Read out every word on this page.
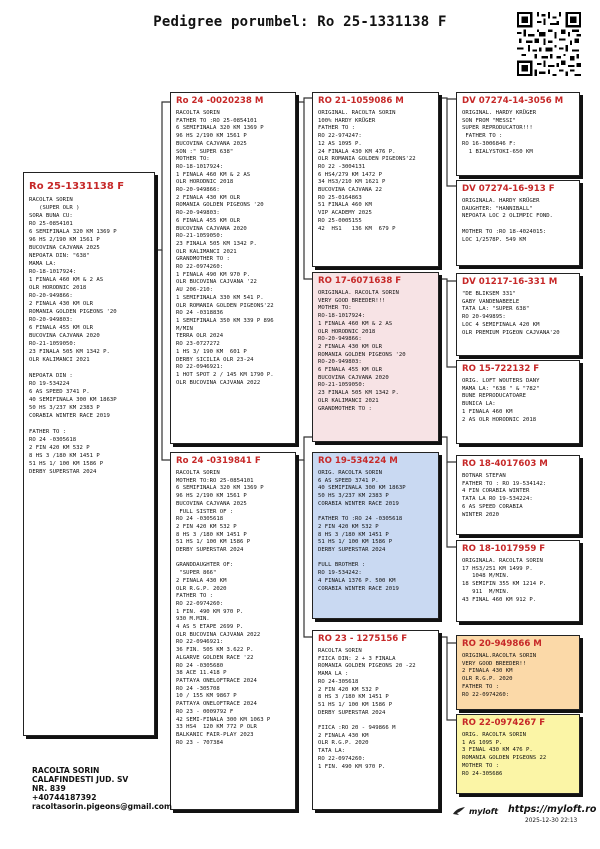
Pedigree porumbel: Ro 25-1331138 F
Ro 25-1331138 F
RACOLTA SORIN
(SUPER OLR )
SORA BUNA CU:
RO 25-0854101
6 SEMIFINALA 320 KM 1369 P
96 HS 2/190 KM 1561 P
BUCOVINA CAJVANA 2025
NEPOATA DIN: "638"
MAMA LA:
RO-18-1017924:
1 FINALA 460 KM & 2 AS
OLR HORODNIC 2018
RO-20-949866:
2 FINALA 430 KM OLR
ROMANIA GOLDEN PIGEONS '20
RO-20-949803:
6 FINALA 455 KM OLR
BUCOVINA CAJVANA 2020
RO-21-1059050:
23 FINALA 505 KM 1342 P.
OLR KALIMANCI 2021

NEPOATA DIN :
RO 19-534224
6 AS SPEED 3741 P.
40 SEMIFINALA 300 KM 1863P
50 HS 3/237 KM 2383 P
CORABIA WINTER RACE 2019

FATHER TO :
RO 24 -0305618
2 FIN 420 KM 532 P
8 HS 3 /180 KM 1451 P
51 HS 1/ 100 KM 1586 P
DERBY SUPERSTAR 2024
Ro 24 -0020238 M
RACOLTA SORIN
FATHER TO :RO 25-0854101
6 SEMIFINALA 320 KM 1369 P
96 HS 2/190 KM 1561 P
BUCOVINA CAJVANA 2025
SON :" SUPER 638"
MOTHER TO:
RO-18-1017924:
1 FINALA 460 KM & 2 AS
OLR HORODNIC 2018
RO-20-949866:
2 FINALA 430 KM OLR
ROMANIA GOLDEN PIGEONS '20
RO-20-949803:
6 FINALA 455 KM OLR
BUCOVINA CAJVANA 2020
RO-21-1059050:
23 FINALA 505 KM 1342 P.
OLR KALIMANCI 2021
GRANDMOTHER TO :
RO 22-0974260:
1 FINALA 490 KM 970 P.
OLR BUCOVINA CAJVANA '22
AU 206-210:
1 SEMIFINALA 330 KM 541 P.
OLR ROMANIA GOLDEN PIGEONS'22
RO 24 -0318836
1 SEMIFINALA 350 KM 339 P 896
M/MIN
TERRA OLR 2024
RO 23-0727272
1 HS 3/ 190 KM  601 P
DERBY SICILIA OLR 23-24
RO 22-0946921:
1 HOT SPOT 2 / 145 KM 1790 P.
OLR BUCOVINA CAJVANA 2022
Ro 24 -0319841 F
RACOLTA SORIN
MOTHER TO:RO 25-0854101
6 SEMIFINALA 320 KM 1369 P
96 HS 2/190 KM 1561 P
BUCOVINA CAJVANA 2025
FULL SISTER OF :
RO 24 -0305618
2 FIN 420 KM 532 P
8 HS 3 /180 KM 1451 P
51 HS 1/ 100 KM 1586 P
DERBY SUPERSTAR 2024

GRANDDAUGHTER OF:
"SUPER 866"
2 FINALA 430 KM
OLR R.G.P. 2020
FATHER TO :
RO 22-0974260:
1 FIN. 490 KM 970 P.
930 M.MIN.
4 AS 5 ETAPE 2699 P.
OLR BUCOVINA CAJVANA 2022
RO 22-0946921:
36 FIN. 505 KM 3.622 P.
ALGARVE GOLDEN RACE '22
RO 24 -0305680
38 ACE 11.418 P
PATTAYA ONELOFTRACE 2024
RO 24 -305708
10 / 155 KM 9867 P
PATTAYA ONELOFTRACE 2024
RO 23 - 0009792 F
42 SEMI-FINALA 300 KM 1063 P
33 HS4  120 KM 772 P OLR
BALKANIC FAIR-PLAY 2023
RO 23 - 707384
RO 21-1059086 M
ORIGINAL. RACOLTA SORIN
100% HARDY KRÜGER
FATHER TO :
RO 22-974247:
12 AS 1095 P.
24 FINALA 430 KM 476 P.
OLR ROMANIA GOLDEN PIGEONS'22
RO 22 -3004131
6 HS4/279 KM 1472 P
34 HS3/210 KM 1621 P
BUCOVINA CAJVANA 22
RO 25-0164863
51 FINALA 460 KM
VIP ACADEMY 2025
RO 25-0005155
42  HS1   136 KM  679 P
RO 17-6071638 F
ORIGINALA. RACOLTA SORIN
VERY GOOD BREEDER!!!
MOTHER TO:
RO-18-1017924:
1 FINALA 460 KM & 2 AS
OLR HORODNIC 2018
RO-20-949866:
2 FINALA 430 KM OLR
ROMANIA GOLDEN PIGEONS '20
RO-20-949803:
6 FINALA 455 KM OLR
BUCOVINA CAJVANA 2020
RO-21-1059050:
23 FINALA 505 KM 1342 P.
OLR KALIMANCI 2021
GRANDMOTHER TO :
RO 19-534224 M
ORIG. RACOLTA SORIN
6 AS SPEED 3741 P.
40 SEMIFINALA 300 KM 1863P
50 HS 3/237 KM 2383 P
CORABIA WINTER RACE 2019

FATHER TO :RO 24 -0305618
2 FIN 420 KM 532 P
8 HS 3 /180 KM 1451 P
51 HS 1/ 100 KM 1586 P
DERBY SUPERSTAR 2024

FULL BROTHER :
RO 19-534242:
4 FINALA 1376 P. 500 KM
CORABIA WINTER RACE 2019
RO 23 - 1275156 F
RACOLTA SORIN
FIICA DIN: 2 + 3 FINALA
ROMANIA GOLDEN PIGEONS 20 -22
MAMA LA :
RO 24-305618
2 FIN 420 KM 532 P
8 HS 3 /180 KM 1451 P
51 HS 1/ 100 KM 1586 P
DERBY SUPERSTAR 2024

FIICA :RO 20 - 949866 M
2 FINALA 430 KM
OLR R.G.P. 2020
TATA LA:
RO 22-0974260:
1 FIN. 490 KM 970 P.
DV 07274-14-3056 M
ORIGINAL. HARDY KRÜGER
SON FROM "MESSI"
SUPER REPRODUCATOR!!!
FATHER TO :
RO 16-3006846 F:
1 BIALYSTOKI-650 KM
DV 07274-16-913 F
ORIGINALA. HARDY KRÜGER
DAUGHTER: "HANNIBALL"
NEPOATA LOC 2 OLIMPIC FOND.

MOTHER TO :RO 18-4024015:
LOC 1/2578P. 549 KM
DV 01217-16-331 M
"DE BLIKSEM 331"
GABY VANDENABEELE
TATA LA: "SUPER 638"
RO 20-949895:
LOC 4 SEMIFINALA 420 KM
OLR PREMIUM PIGEON CAJVANA'20
RO 15-722132 F
ORIG. LOFT WOUTERS DANY
MAMA LA: "638 " & "782"
BUNE REPRODUCATOARE
BUNICA LA:
1 FINALA 460 KM
2 AS OLR HORODNIC 2018
RO 18-4017603 M
BOTNAR STEFAN
FATHER TO : RO 19-534142:
4 FIN CORABIA WINTER
TATA LA RO 19-534224:
6 AS SPEED CORABIA
WINTER 2020
RO 18-1017959 F
ORIGINALA. RACOLTA SORIN
17 HS3/251 KM 1499 P.
1048 M/MIN.
18 SEMIFIN 355 KM 1214 P.
911  M/MIN.
43 FINAL 460 KM 912 P.
RO 20-949866 M
ORIGINAL.RACOLTA SORIN
VERY GOOD BREEDER!!
2 FINALA 430 KM
OLR R.G.P. 2020
FATHER TO :
RO 22-0974260:
RO 22-0974267 F
ORIG. RACOLTA SORIN
1 AS 1095 P.
3 FINAL 430 KM 476 P.
ROMANIA GOLDEN PIGEONS 22
MOTHER TO :
RO 24-305686
RACOLTA SORIN
CALAFINDESTI JUD. SV
NR. 839
+40744187392
racoltasorin.pigeons@gmail.com	myloft https://myloft.ro
2025-12-30 22:13
